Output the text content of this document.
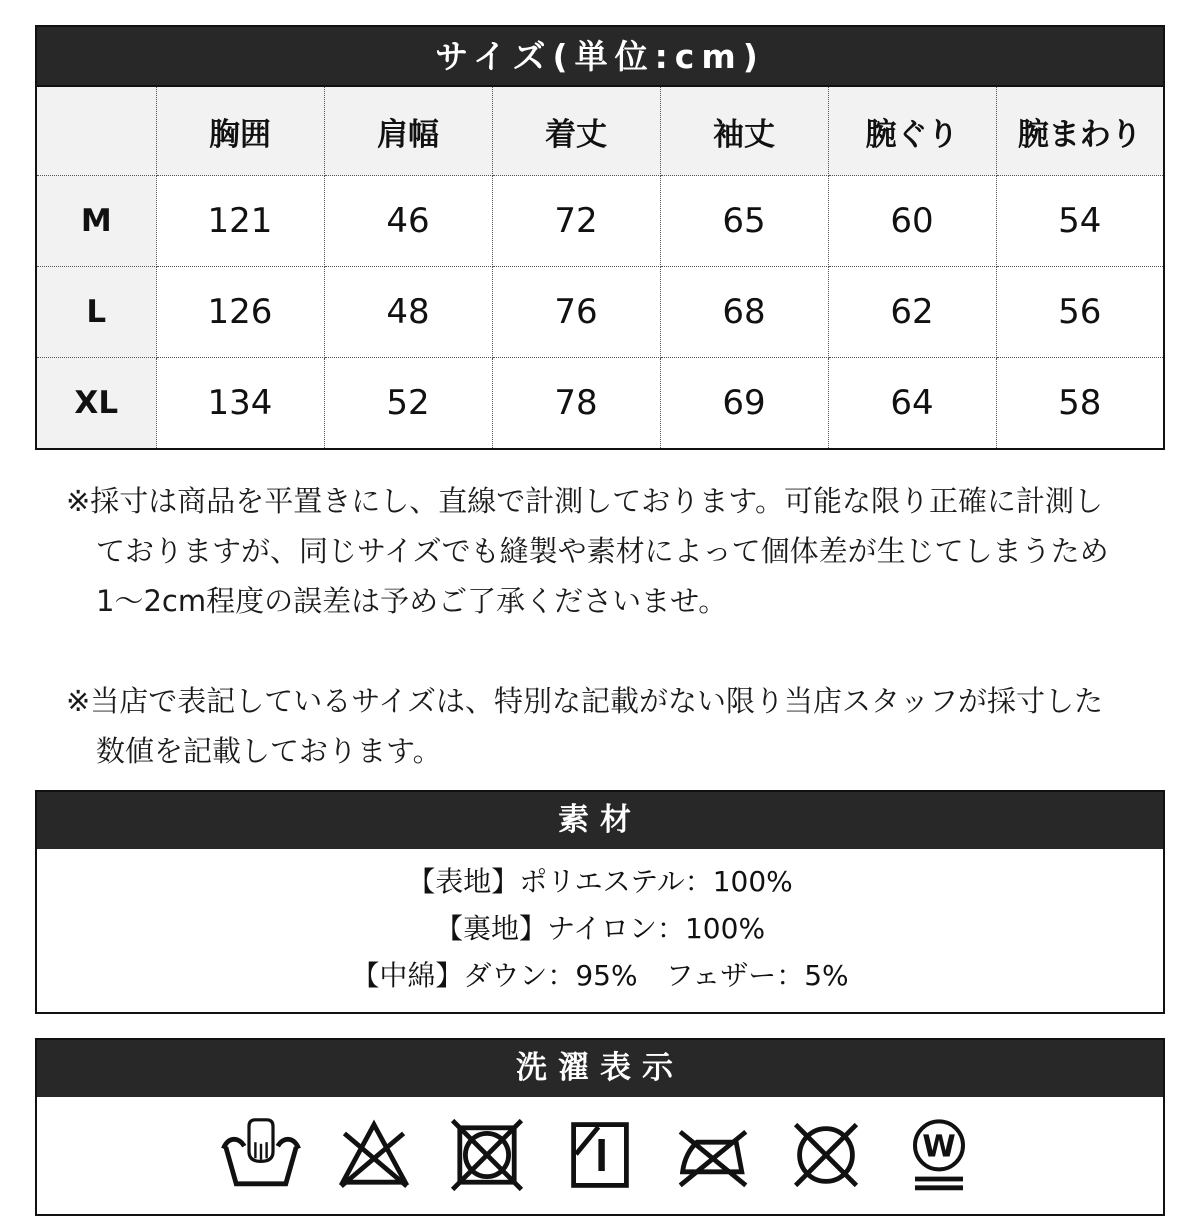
サイズ(単位:cm)
	胸囲	肩幅	着丈	袖丈	腕ぐり	腕まわり
M	121	46	72	65	60	54
L	126	48	76	68	62	56
XL	134	52	78	69	64	58
※採寸は商品を平置きにし、直線で計測しております。可能な限り正確に計測し
ておりますが、同じサイズでも縫製や素材によって個体差が生じてしまうため
1〜2cm程度の誤差は予めご了承くださいませ。
※当店で表記しているサイズは、特別な記載がない限り当店スタッフが採寸した
数値を記載しております。
素材
【表地】ポリエステル：100%
【裏地】ナイロン：100%
【中綿】ダウン：95%　フェザー：5%
洗濯表示
W
